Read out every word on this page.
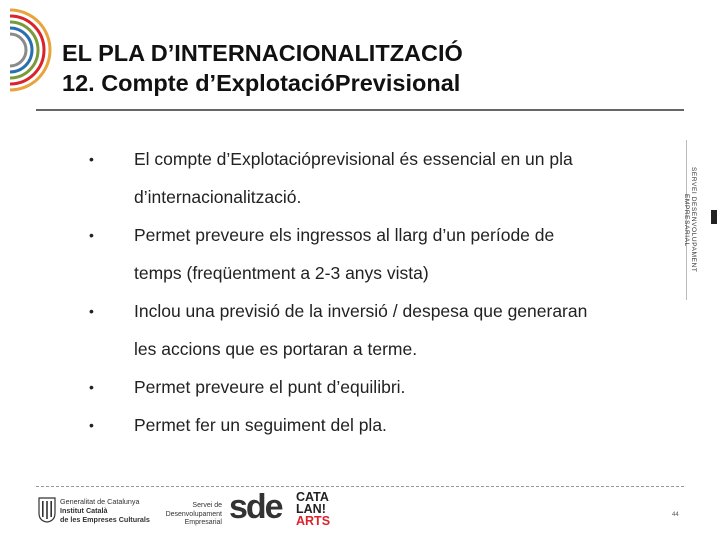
EL PLA D’INTERNACIONALITZACIÓ
12. Compte d’ExplotacióPrevisional
• El compte d’Explotacióprevisional és essencial en un pla
d’internacionalització.
• Permet preveure els ingressos al llarg d’un període de
temps (freqüentment a 2-3 anys vista)
• Inclou una previsió de la inversió / despesa que generaran
les accions que es portaran a terme.
• Permet preveure el punt d’equilibri.
• Permet fer un seguiment del pla.
SERVEI DESENVOLUPAMENT EMPRESARIAL
Generalitat de Catalunya
Institut Català
de les Empreses Culturals
Servei de
Desenvolupament
Empresarial sde CATA
LAN!
ARTS	44
